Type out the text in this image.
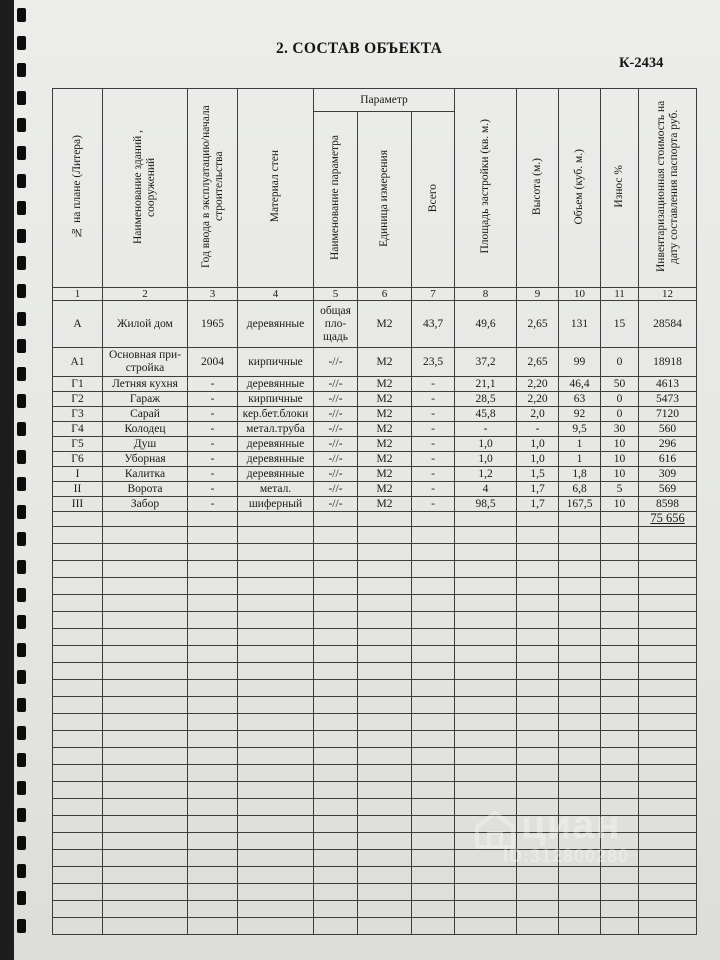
2. СОСТАВ ОБЪЕКТА
К-2434
№ на плане (Литера)	Наименование зданий , сооружений	Год ввода в эксплуатацию/начала строительства	Материал стен	Параметр			Площадь застройки (кв. м.)	Высота (м.)	Объем (куб. м.)	Износ %	Инвентаризационная стоимость на дату составления паспорта руб.
				Наименование параметра	Единица измерения	Всего					
1	2	3	4	5	6	7	8	9	10	11	12
А	Жилой дом	1965	деревянные	общая пло-щадь	М2	43,7	49,6	2,65	131	15	28584
А1	Основная при-стройка	2004	кирпичные	-//-	М2	23,5	37,2	2,65	99	0	18918
Г1	Летняя кухня	-	деревянные	-//-	М2	-	21,1	2,20	46,4	50	4613
Г2	Гараж	-	кирпичные	-//-	М2	-	28,5	2,20	63	0	5473
Г3	Сарай	-	кер.бет.блоки	-//-	М2	-	45,8	2,0	92	0	7120
Г4	Колодец	-	метал.труба	-//-	М2	-	-	-	9,5	30	560
Г5	Душ	-	деревянные	-//-	М2	-	1,0	1,0	1	10	296
Г6	Уборная	-	деревянные	-//-	М2	-	1,0	1,0	1	10	616
I	Калитка	-	деревянные	-//-	М2	-	1,2	1,5	1,8	10	309
II	Ворота	-	метал.	-//-	М2	-	4	1,7	6,8	5	569
III	Забор	-	шиферный	-//-	М2	-	98,5	1,7	167,5	10	8598
											75 656

циан
ID:312800280
